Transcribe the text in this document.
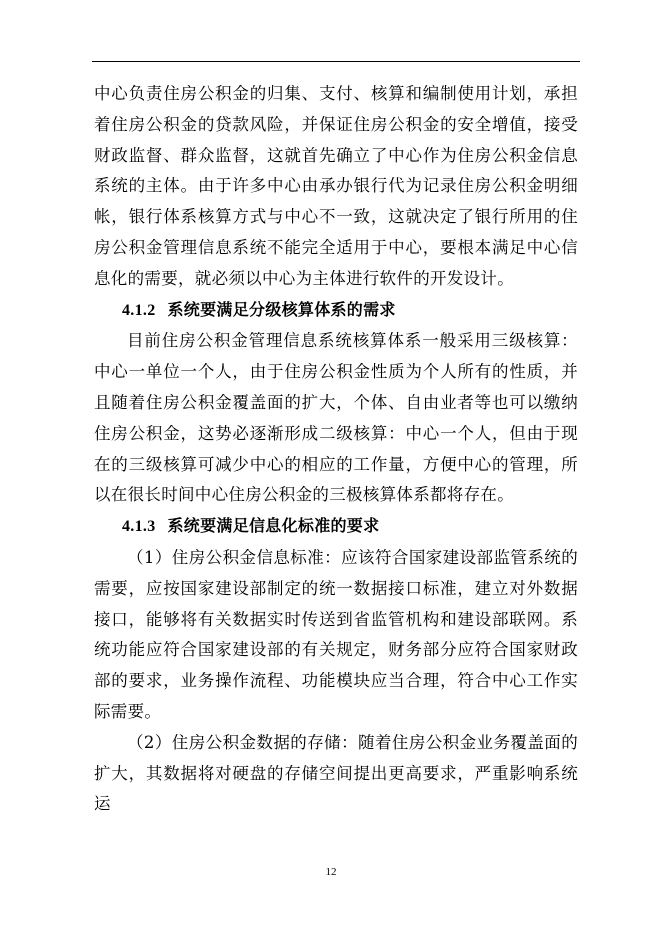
中心负责住房公积金的归集、支付、核算和编制使用计划，承担着住房公积金的贷款风险，并保证住房公积金的安全增值，接受财政监督、群众监督，这就首先确立了中心作为住房公积金信息系统的主体。由于许多中心由承办银行代为记录住房公积金明细帐，银行体系核算方式与中心不一致，这就决定了银行所用的住房公积金管理信息系统不能完全适用于中心，要根本满足中心信息化的需要，就必须以中心为主体进行软件的开发设计。

4.1.2 系统要满足分级核算体系的需求

目前住房公积金管理信息系统核算体系一般采用三级核算：中心一单位一个人，由于住房公积金性质为个人所有的性质，并且随着住房公积金覆盖面的扩大，个体、自由业者等也可以缴纳住房公积金，这势必逐渐形成二级核算：中心一个人，但由于现在的三级核算可减少中心的相应的工作量，方便中心的管理，所以在很长时间中心住房公积金的三极核算体系都将存在。

4.1.3 系统要满足信息化标准的要求

（1）住房公积金信息标准：应该符合国家建设部监管系统的需要，应按国家建设部制定的统一数据接口标准，建立对外数据接口，能够将有关数据实时传送到省监管机构和建设部联网。系统功能应符合国家建设部的有关规定，财务部分应符合国家财政部的要求，业务操作流程、功能模块应当合理，符合中心工作实际需要。

（2）住房公积金数据的存储：随着住房公积金业务覆盖面的扩大，其数据将对硬盘的存储空间提出更高要求，严重影响系统运

12
